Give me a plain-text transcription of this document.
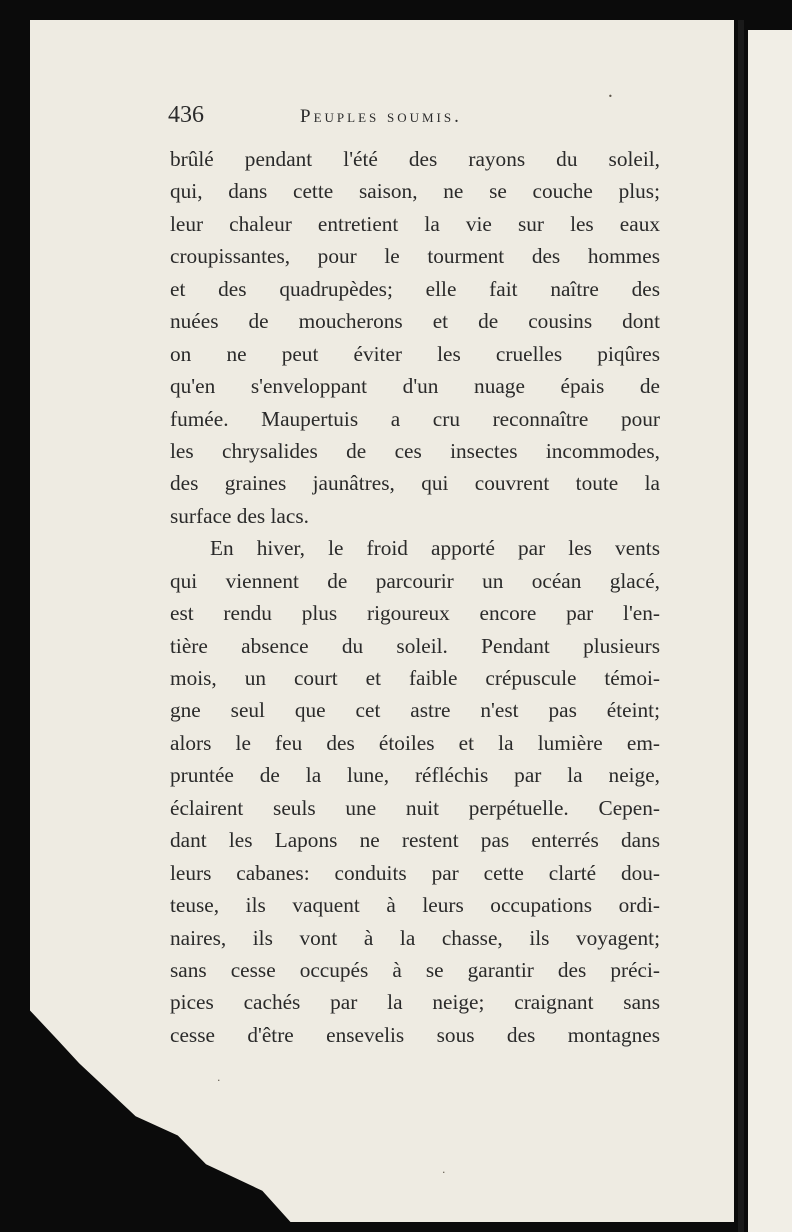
436	Peuples soumis.
brûlé pendant l'été des rayons du soleil,
qui, dans cette saison, ne se couche plus;
leur chaleur entretient la vie sur les eaux
croupissantes, pour le tourment des hommes
et des quadrupèdes; elle fait naître des
nuées de moucherons et de cousins dont
on ne peut éviter les cruelles piqûres
qu'en s'enveloppant d'un nuage épais de
fumée. Maupertuis a cru reconnaître pour
les chrysalides de ces insectes incommodes,
des graines jaunâtres, qui couvrent toute la
surface des lacs.
En hiver, le froid apporté par les vents
qui viennent de parcourir un océan glacé,
est rendu plus rigoureux encore par l'en-
tière absence du soleil. Pendant plusieurs
mois, un court et faible crépuscule témoi-
gne seul que cet astre n'est pas éteint;
alors le feu des étoiles et la lumière em-
pruntée de la lune, réfléchis par la neige,
éclairent seuls une nuit perpétuelle. Cepen-
dant les Lapons ne restent pas enterrés dans
leurs cabanes: conduits par cette clarté dou-
teuse, ils vaquent à leurs occupations ordi-
naires, ils vont à la chasse, ils voyagent;
sans cesse occupés à se garantir des préci-
pices cachés par la neige; craignant sans
cesse d'être ensevelis sous des montagnes
•
·
·
